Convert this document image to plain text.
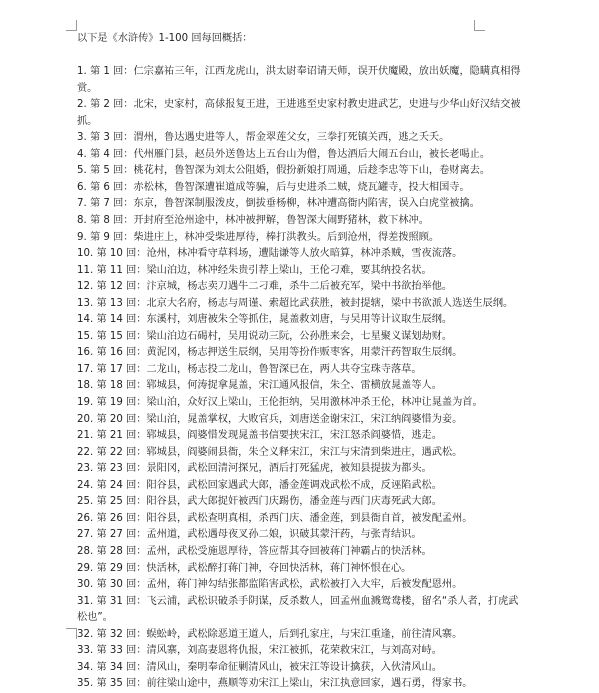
以下是《水浒传》1-100 回每回概括：

1. 第 1 回：仁宗嘉祐三年，江西龙虎山，洪太尉奉诏请天师，误开伏魔殿，放出妖魔，隐瞒真相得赏。
2. 第 2 回：北宋，史家村，高俅报复王进，王进逃至史家村教史进武艺，史进与少华山好汉结交被抓。
3. 第 3 回：渭州，鲁达遇史进等人，帮金翠莲父女，三拳打死镇关西，逃之夭夭。
4. 第 4 回：代州雁门县，赵员外送鲁达上五台山为僧，鲁达酒后大闹五台山，被长老喝止。
5. 第 5 回：桃花村，鲁智深为刘太公阻婚，假扮新娘打周通，后趁李忠等下山，卷财离去。
6. 第 6 回：赤松林，鲁智深遭崔道成等骗，后与史进杀二贼，烧瓦罐寺，投大相国寺。
7. 第 7 回：东京，鲁智深制服泼皮，倒拔垂杨柳，林冲遭高衙内陷害，误入白虎堂被擒。
8. 第 8 回：开封府至沧州途中，林冲被押解，鲁智深大闹野猪林，救下林冲。
9. 第 9 回：柴进庄上，林冲受柴进厚待，棒打洪教头。后到沧州，得差拨照顾。
10. 第 10 回：沧州，林冲看守草料场，遭陆谦等人放火暗算，林冲杀贼，雪夜流落。
11. 第 11 回：梁山泊边，林冲经朱贵引荐上梁山，王伦刁难，要其纳投名状。
12. 第 12 回：汴京城，杨志卖刀遇牛二刁难，杀牛二后被充军，梁中书欲抬举他。
13. 第 13 回：北京大名府，杨志与周谨、索超比武获胜，被封提辖，梁中书欲派人选送生辰纲。
14. 第 14 回：东溪村，刘唐被朱仝等抓住，晁盖救刘唐，与吴用等计议取生辰纲。
15. 第 15 回：梁山泊边石碣村，吴用说动三阮，公孙胜来会，七星聚义谋划劫财。
16. 第 16 回：黄泥冈，杨志押送生辰纲，吴用等扮作贩枣客，用蒙汗药智取生辰纲。
17. 第 17 回：二龙山，杨志投二龙山，鲁智深已在，两人共夺宝珠寺落草。
18. 第 18 回：郓城县，何涛捉拿晁盖，宋江通风报信，朱仝、雷横放晁盖等人。
19. 第 19 回：梁山泊，众好汉上梁山，王伦拒纳，吴用激林冲杀王伦，林冲让晁盖为首。
20. 第 20 回：梁山泊，晁盖掌权，大败官兵，刘唐送金谢宋江，宋江纳阎婆惜为妾。
21. 第 21 回：郓城县，阎婆惜发现晁盖书信要挟宋江，宋江怒杀阎婆惜，逃走。
22. 第 22 回：郓城县，阎婆闹县衙，朱仝义释宋江，宋江与宋清到柴进庄，遇武松。
23. 第 23 回：景阳冈，武松回清河探兄，酒后打死猛虎，被知县提拔为都头。
24. 第 24 回：阳谷县，武松回家遇武大郎，潘金莲调戏武松不成，反诬陷武松。
25. 第 25 回：阳谷县，武大郎捉奸被西门庆踢伤，潘金莲与西门庆毒死武大郎。
26. 第 26 回：阳谷县，武松查明真相，杀西门庆、潘金莲，到县衙自首，被发配孟州。
27. 第 27 回：孟州道，武松遇母夜叉孙二娘，识破其蒙汗药，与张青结识。
28. 第 28 回：孟州，武松受施恩厚待，答应帮其夺回被蒋门神霸占的快活林。
29. 第 29 回：快活林，武松醉打蒋门神，夺回快活林，蒋门神怀恨在心。
30. 第 30 回：孟州，蒋门神勾结张都监陷害武松，武松被打入大牢，后被发配恩州。
31. 第 31 回：飞云浦，武松识破杀手阴谋，反杀数人，回孟州血溅鸳鸯楼，留名“杀人者，打虎武松也”。
32. 第 32 回：蜈蚣岭，武松除恶道王道人，后到孔家庄，与宋江重逢，前往清风寨。
33. 第 33 回：清风寨，刘高妻恩将仇报，宋江被抓，花荣救宋江，与刘高对峙。
34. 第 34 回：清风山，秦明奉命征剿清风山，被宋江等设计擒获，入伙清风山。
35. 第 35 回：前往梁山途中，燕顺等劝宋江上梁山，宋江执意回家，遇石勇，得家书。
